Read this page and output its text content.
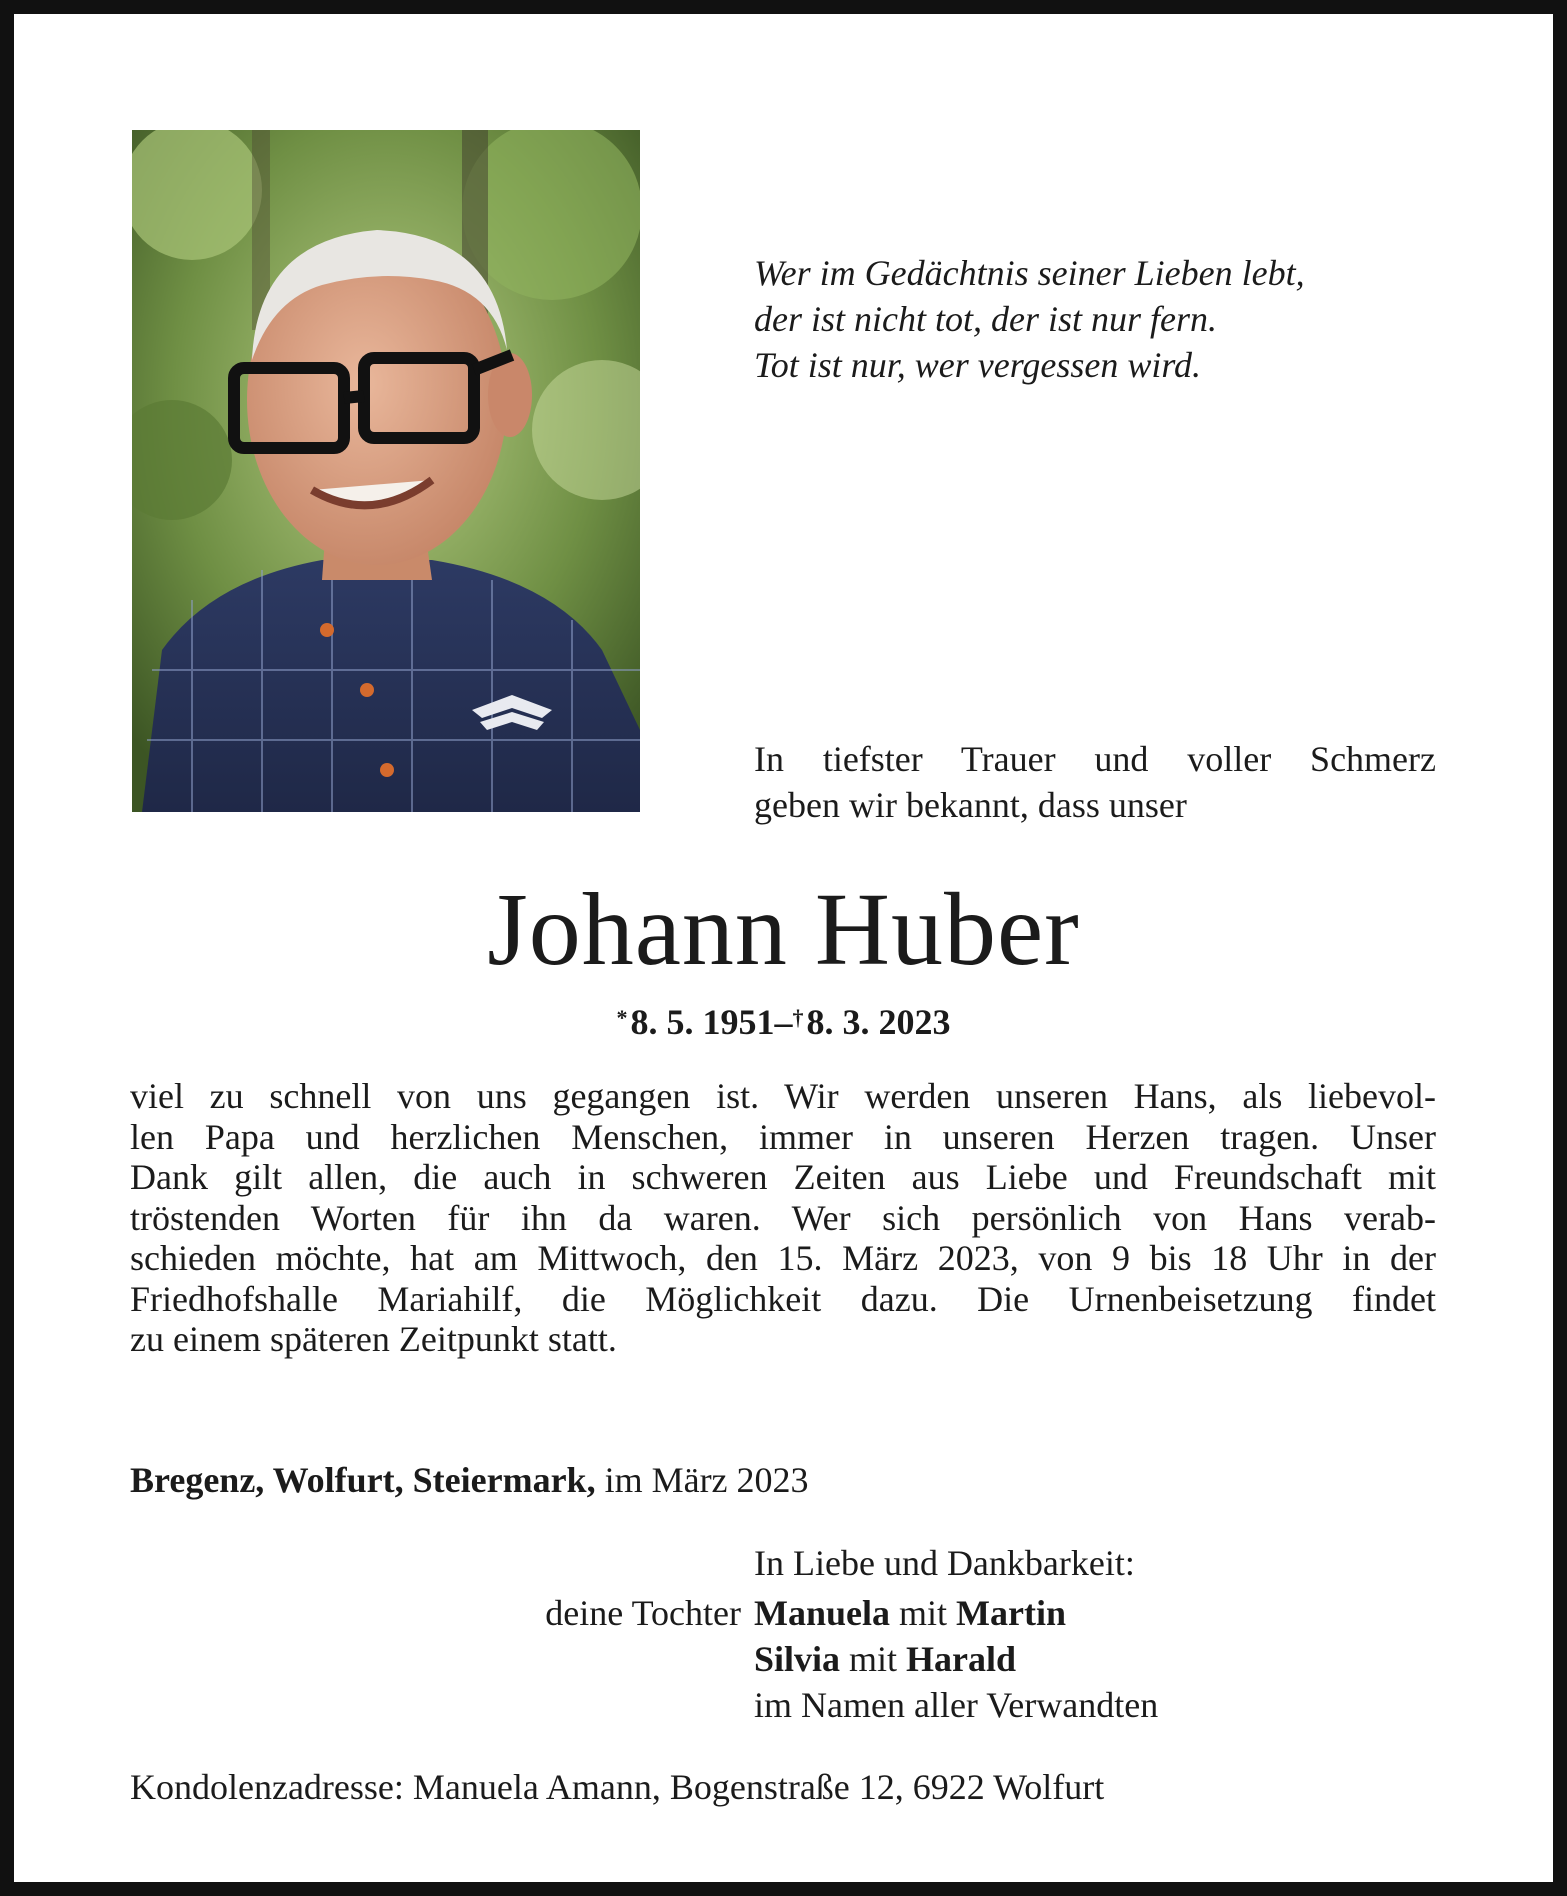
Wer im Gedächtnis seiner Lieben lebt,
der ist nicht tot, der ist nur fern.
Tot ist nur, wer vergessen wird.
In tiefster Trauer und voller Schmerz
geben wir bekannt, dass unser
Johann Huber
* 8. 5. 1951–† 8. 3. 2023
viel zu schnell von uns gegangen ist. Wir werden unseren Hans, als liebevol-
len Papa und herzlichen Menschen, immer in unseren Herzen tragen. Unser
Dank gilt allen, die auch in schweren Zeiten aus Liebe und Freundschaft mit
tröstenden Worten für ihn da waren. Wer sich persönlich von Hans verab-
schieden möchte, hat am Mittwoch, den 15. März 2023, von 9 bis 18 Uhr in der
Friedhofshalle Mariahilf, die Möglichkeit dazu. Die Urnenbeisetzung findet
zu einem späteren Zeitpunkt statt.
Bregenz, Wolfurt, Steiermark, im März 2023
In Liebe und Dankbarkeit:
deine Tochter Manuela mit Martin
Silvia mit Harald
im Namen aller Verwandten
Kondolenzadresse: Manuela Amann, Bogenstraße 12, 6922 Wolfurt
